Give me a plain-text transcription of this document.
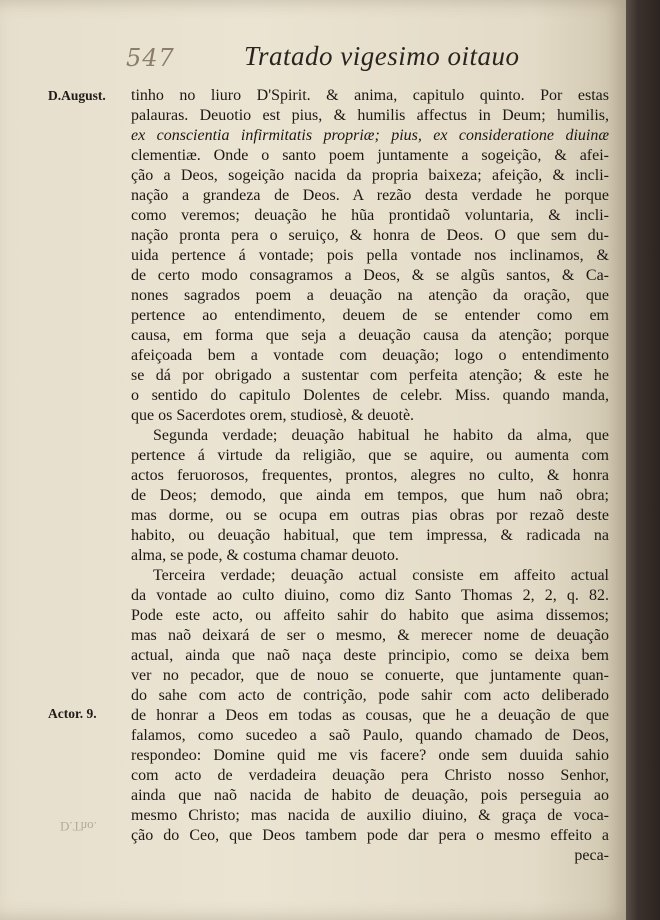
547	Tratado vigesimo oitauo
D.August.
Actor. 9.
D.Tho.
tinho no liuro D'Spirit. & anima, capitulo quinto. Por estas
palauras. Deuotio est pius, & humilis affectus in Deum; humilis,
ex conscientia infirmitatis propriæ; pius, ex consideratione diuinæ
clementiæ. Onde o santo poem juntamente a sogeição, & afei-
ção a Deos, sogeição nacida da propria baixeza; afeição, & incli-
nação a grandeza de Deos. A rezão desta verdade he porque
como veremos; deuação he hũa prontidaõ voluntaria, & incli-
nação pronta pera o seruiço, & honra de Deos. O que sem du-
uida pertence á vontade; pois pella vontade nos inclinamos, &
de certo modo consagramos a Deos, & se algũs santos, & Ca-
nones sagrados poem a deuação na atenção da oração, que
pertence ao entendimento, deuem de se entender como em
causa, em forma que seja a deuação causa da atenção; porque
afeiçoada bem a vontade com deuação; logo o entendimento
se dá por obrigado a sustentar com perfeita atenção; & este he
o sentido do capitulo Dolentes de celebr. Miss. quando manda,
que os Sacerdotes orem, studiosè, & deuotè.
Segunda verdade; deuação habitual he habito da alma, que
pertence á virtude da religião, que se aquire, ou aumenta com
actos feruorosos, frequentes, prontos, alegres no culto, & honra
de Deos; demodo, que ainda em tempos, que hum naõ obra;
mas dorme, ou se ocupa em outras pias obras por rezaõ deste
habito, ou deuação habitual, que tem impressa, & radicada na
alma, se pode, & costuma chamar deuoto.
Terceira verdade; deuação actual consiste em affeito actual
da vontade ao culto diuino, como diz Santo Thomas 2, 2, q. 82.
Pode este acto, ou affeito sahir do habito que asima dissemos;
mas naõ deixará de ser o mesmo, & merecer nome de deuação
actual, ainda que naõ naça deste principio, como se deixa bem
ver no pecador, que de nouo se conuerte, que juntamente quan-
do sahe com acto de contrição, pode sahir com acto deliberado
de honrar a Deos em todas as cousas, que he a deuação de que
falamos, como sucedeo a saõ Paulo, quando chamado de Deos,
respondeo: Domine quid me vis facere? onde sem duuida sahio
com acto de verdadeira deuação pera Christo nosso Senhor,
ainda que naõ nacida de habito de deuação, pois perseguia ao
mesmo Christo; mas nacida de auxilio diuino, & graça de voca-
ção do Ceo, que Deos tambem pode dar pera o mesmo effeito a
peca-
